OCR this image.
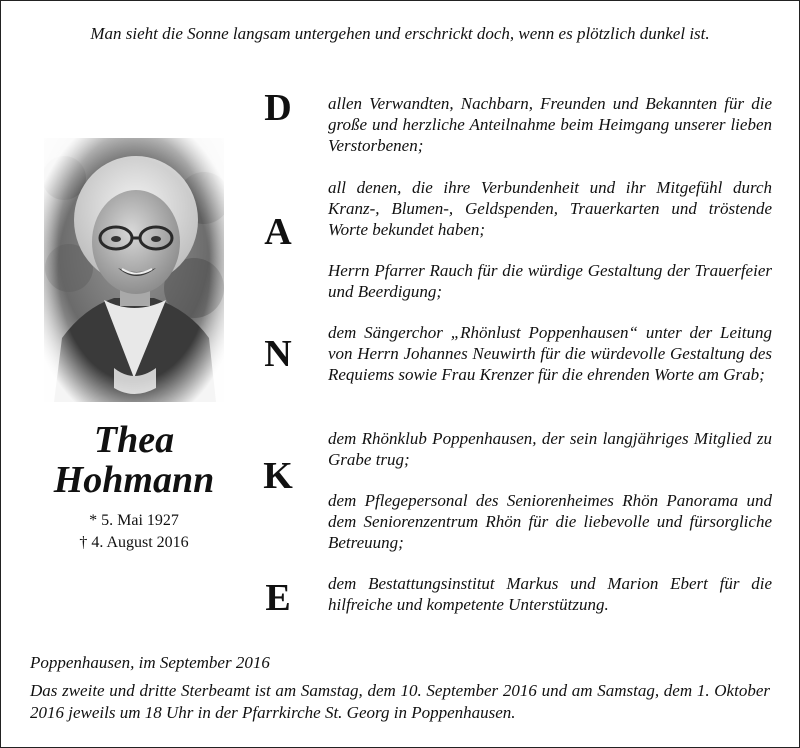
Man sieht die Sonne langsam untergehen und erschrickt doch, wenn es plötzlich dunkel ist.
Thea
Hohmann
* 5. Mai 1927
† 4. August 2016
D
A
N
K
E
allen Verwandten, Nachbarn, Freunden und Bekannten für die große und herzliche Anteilnahme beim Heimgang unserer lieben Verstorbenen;
all denen, die ihre Verbundenheit und ihr Mitgefühl durch Kranz-, Blumen-, Geldspenden, Trauerkarten und tröstende Worte bekundet haben;
Herrn Pfarrer Rauch für die würdige Gestaltung der Trauerfeier und Beerdigung;
dem Sängerchor „Rhönlust Poppenhausen“ unter der Leitung von Herrn Johannes Neuwirth für die würdevolle Gestaltung des Requiems sowie Frau Krenzer für die ehrenden Worte am Grab;
dem Rhönklub Poppenhausen, der sein langjähriges Mitglied zu Grabe trug;
dem Pflegepersonal des Seniorenheimes Rhön Panorama und dem Seniorenzentrum Rhön für die liebevolle und fürsorgliche Betreuung;
dem Bestattungsinstitut Markus und Marion Ebert für die hilfreiche und kompetente Unterstützung.
Poppenhausen, im September 2016
Das zweite und dritte Sterbeamt ist am Samstag, dem 10. September 2016 und am Samstag, dem 1. Oktober 2016 jeweils um 18 Uhr in der Pfarrkirche St. Georg in Poppenhausen.
